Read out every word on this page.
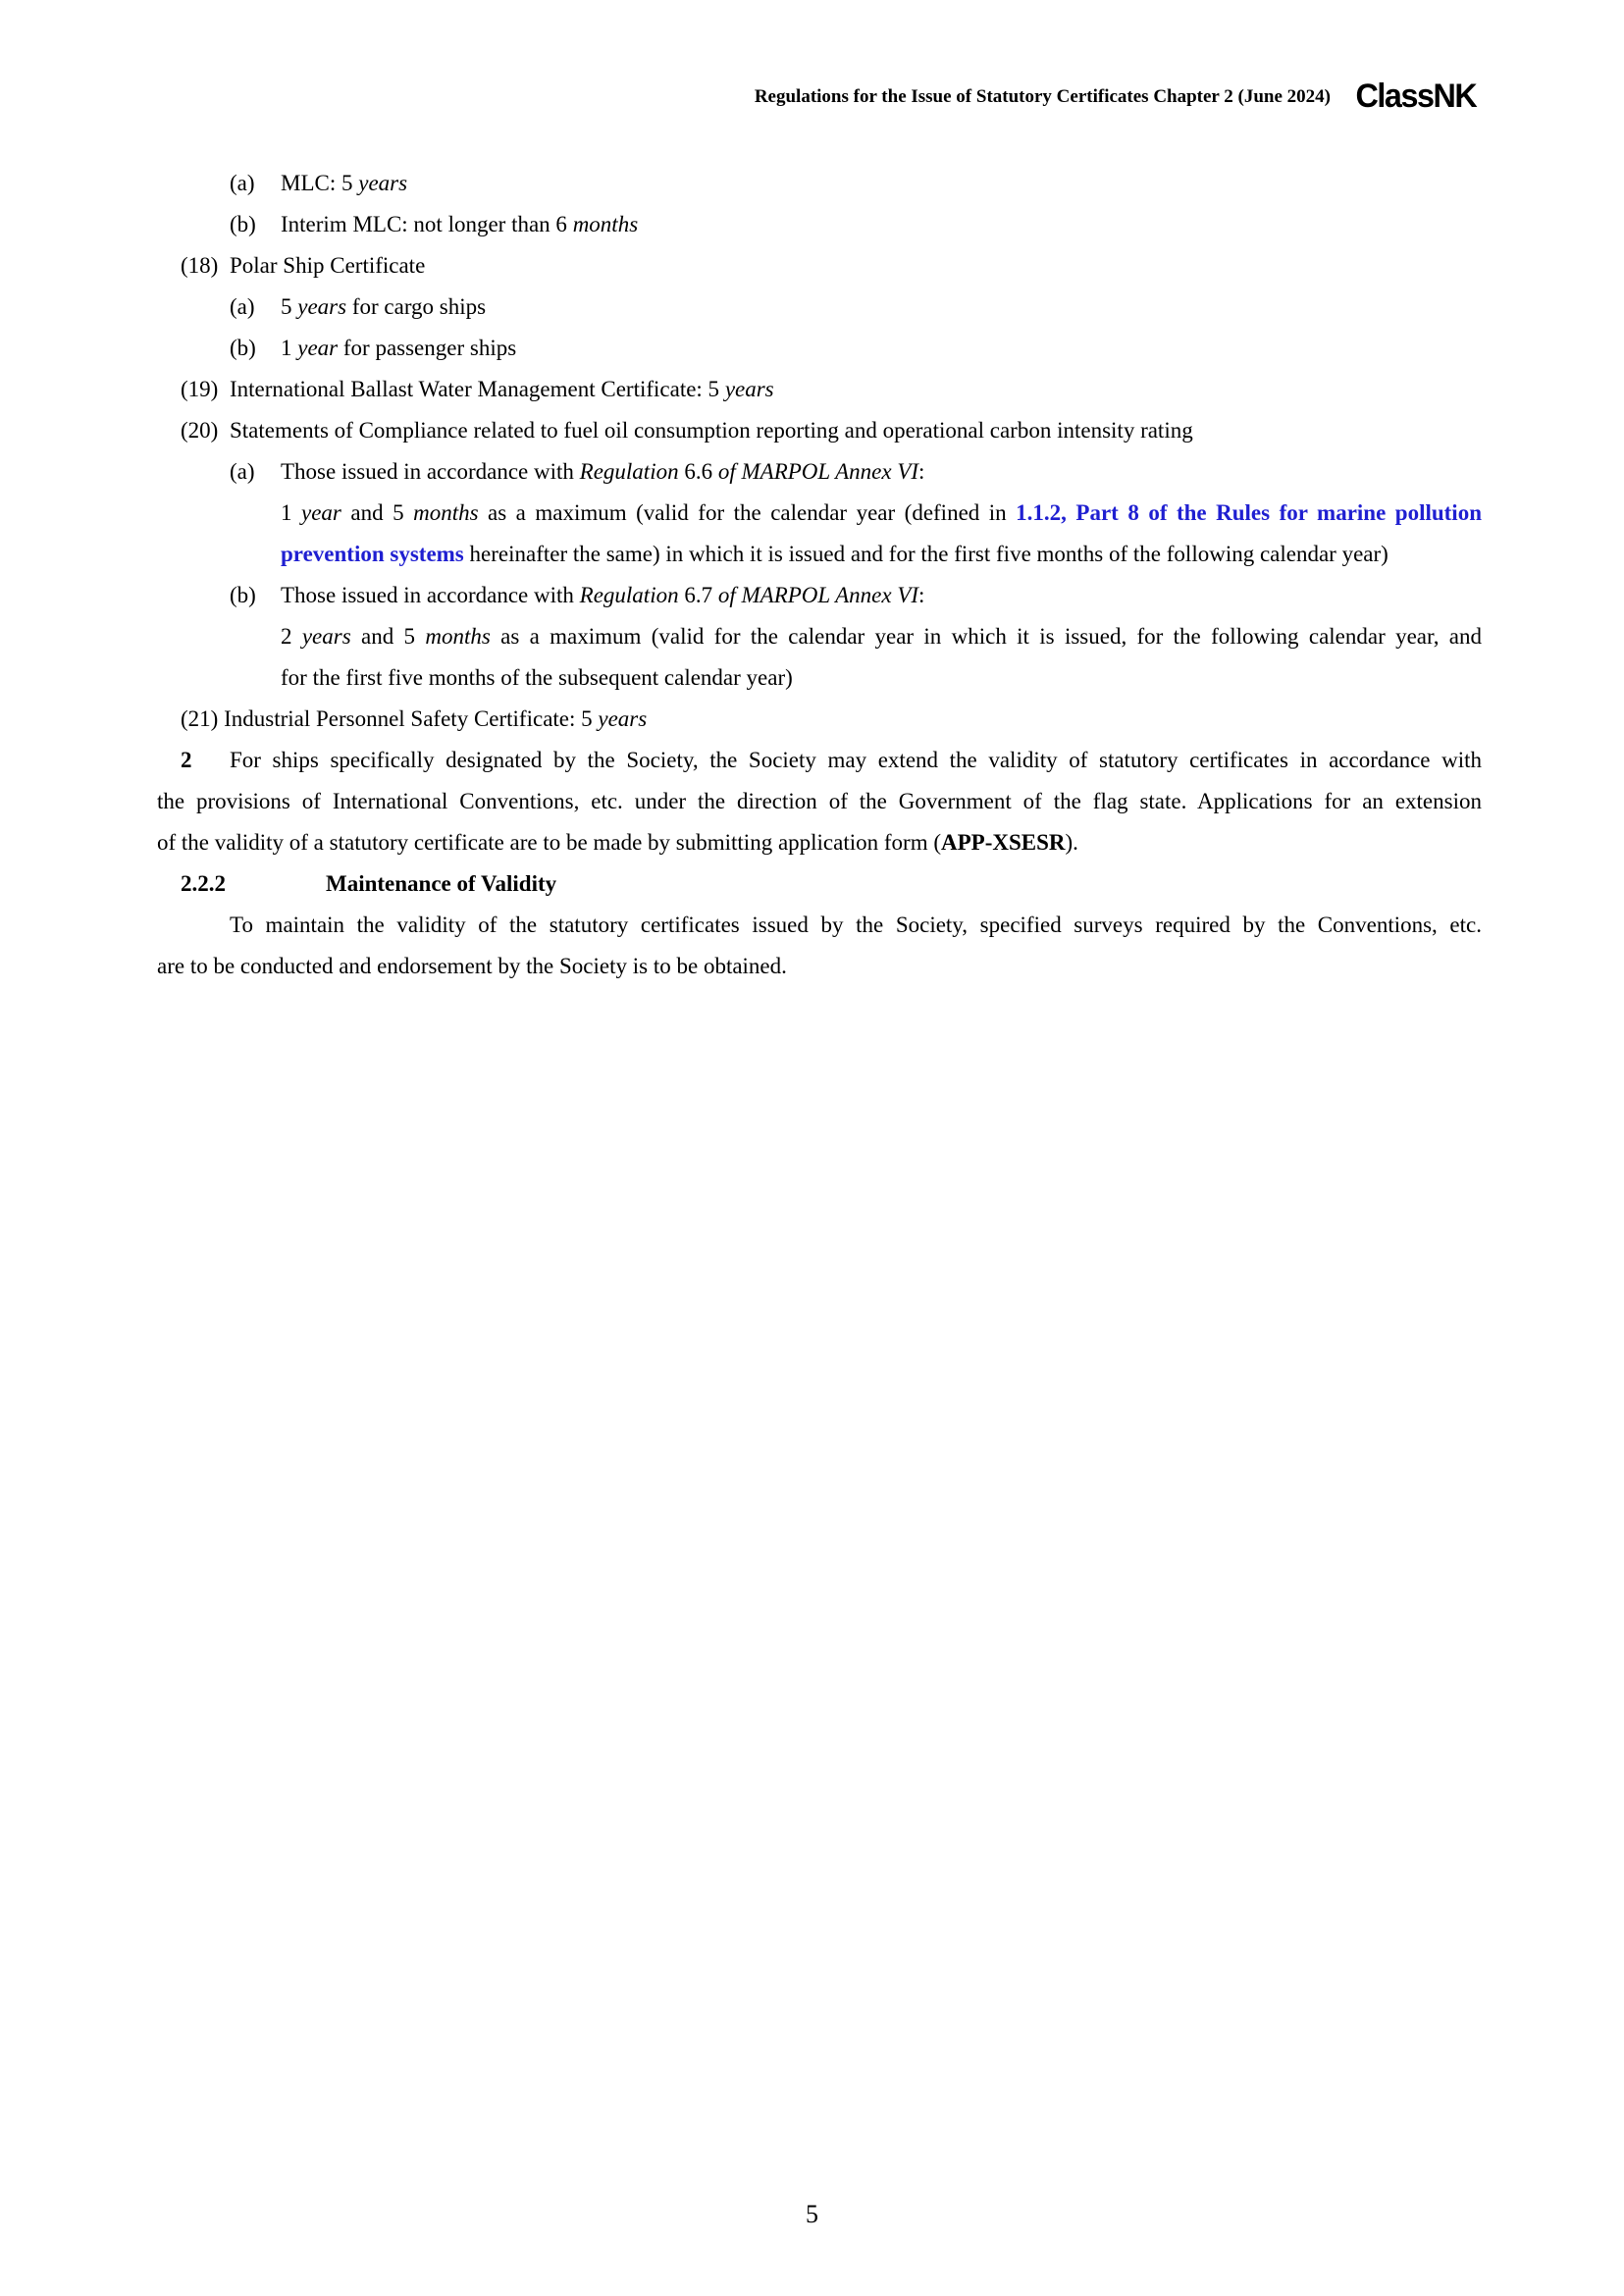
Regulations for the Issue of Statutory Certificates Chapter 2 (June 2024) ClassNK
(a) MLC: 5 years
(b) Interim MLC: not longer than 6 months
(18) Polar Ship Certificate
(a) 5 years for cargo ships
(b) 1 year for passenger ships
(19) International Ballast Water Management Certificate: 5 years
(20) Statements of Compliance related to fuel oil consumption reporting and operational carbon intensity rating
(a) Those issued in accordance with Regulation 6.6 of MARPOL Annex VI:
1 year and 5 months as a maximum (valid for the calendar year (defined in 1.1.2, Part 8 of the Rules for marine pollution
prevention systems hereinafter the same) in which it is issued and for the first five months of the following calendar year)
(b) Those issued in accordance with Regulation 6.7 of MARPOL Annex VI:
2 years and 5 months as a maximum (valid for the calendar year in which it is issued, for the following calendar year, and
for the first five months of the subsequent calendar year)
(21) Industrial Personnel Safety Certificate: 5 years
2 For ships specifically designated by the Society, the Society may extend the validity of statutory certificates in accordance with
the provisions of International Conventions, etc. under the direction of the Government of the flag state. Applications for an extension
of the validity of a statutory certificate are to be made by submitting application form (APP-XSESR).
2.2.2	Maintenance of Validity
To maintain the validity of the statutory certificates issued by the Society, specified surveys required by the Conventions, etc.
are to be conducted and endorsement by the Society is to be obtained.
5
